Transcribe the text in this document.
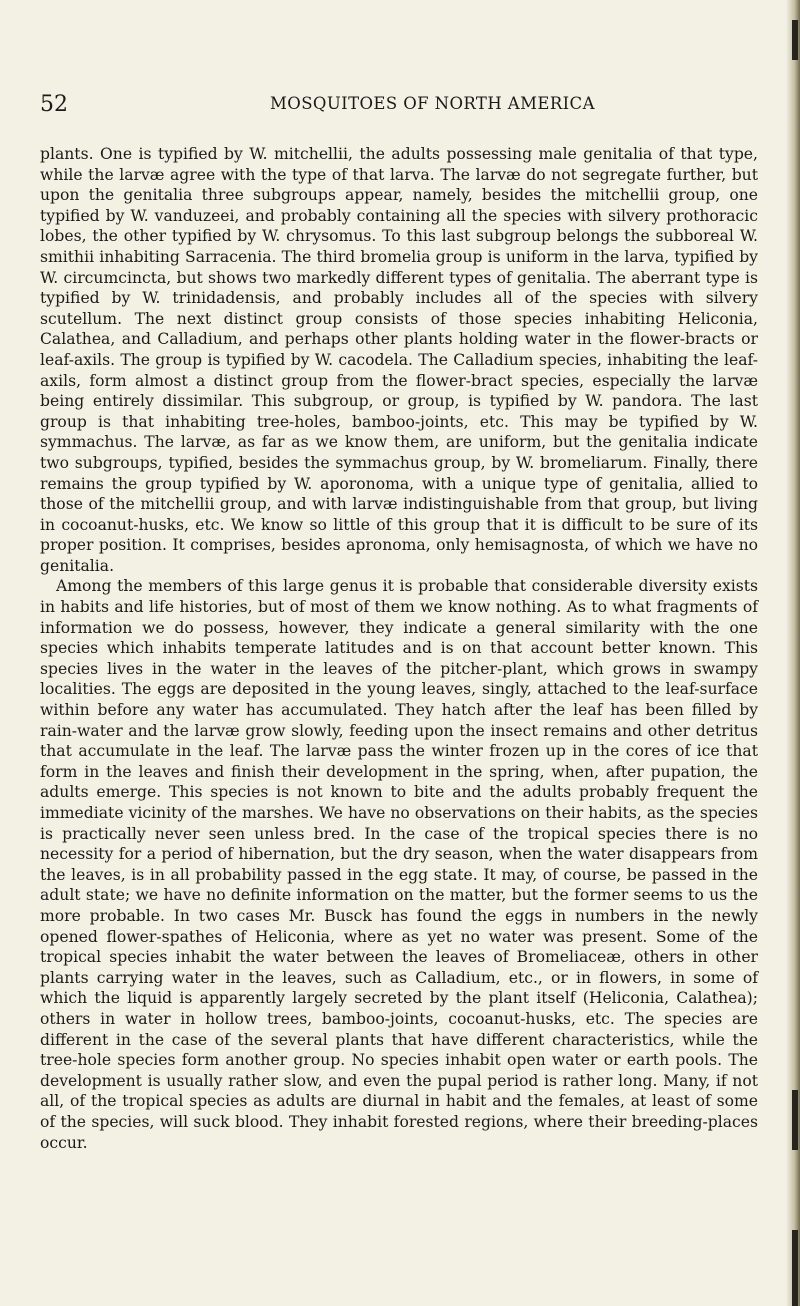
52	MOSQUITOES OF NORTH AMERICA

plants. One is typified by W. mitchellii, the adults possessing male genitalia of that type, while the larvæ agree with the type of that larva. The larvæ do not segregate further, but upon the genitalia three subgroups appear, namely, besides the mitchellii group, one typified by W. vanduzeei, and probably containing all the species with silvery prothoracic lobes, the other typified by W. chrysomus. To this last subgroup belongs the subboreal W. smithii inhabiting Sarracenia. The third bromelia group is uniform in the larva, typified by W. circumcincta, but shows two markedly different types of genitalia. The aberrant type is typified by W. trinidadensis, and probably includes all of the species with silvery scutellum. The next distinct group consists of those species inhabiting Heliconia, Calathea, and Calladium, and perhaps other plants holding water in the flower-bracts or leaf-axils. The group is typified by W. cacodela. The Calladium species, inhabiting the leaf-axils, form almost a distinct group from the flower-bract species, especially the larvæ being entirely dissimilar. This subgroup, or group, is typified by W. pandora. The last group is that inhabiting tree-holes, bamboo-joints, etc. This may be typified by W. symmachus. The larvæ, as far as we know them, are uniform, but the genitalia indicate two subgroups, typified, besides the symmachus group, by W. bromeliarum. Finally, there remains the group typified by W. aporonoma, with a unique type of genitalia, allied to those of the mitchellii group, and with larvæ indistinguishable from that group, but living in cocoanut-husks, etc. We know so little of this group that it is difficult to be sure of its proper position. It comprises, besides apronoma, only hemisagnosta, of which we have no genitalia.

Among the members of this large genus it is probable that considerable diversity exists in habits and life histories, but of most of them we know nothing. As to what fragments of information we do possess, however, they indicate a general similarity with the one species which inhabits temperate latitudes and is on that account better known. This species lives in the water in the leaves of the pitcher-plant, which grows in swampy localities. The eggs are deposited in the young leaves, singly, attached to the leaf-surface within before any water has accumulated. They hatch after the leaf has been filled by rain-water and the larvæ grow slowly, feeding upon the insect remains and other detritus that accumulate in the leaf. The larvæ pass the winter frozen up in the cores of ice that form in the leaves and finish their development in the spring, when, after pupation, the adults emerge. This species is not known to bite and the adults probably frequent the immediate vicinity of the marshes. We have no observations on their habits, as the species is practically never seen unless bred. In the case of the tropical species there is no necessity for a period of hibernation, but the dry season, when the water disappears from the leaves, is in all probability passed in the egg state. It may, of course, be passed in the adult state; we have no definite information on the matter, but the former seems to us the more probable. In two cases Mr. Busck has found the eggs in numbers in the newly opened flower-spathes of Heliconia, where as yet no water was present. Some of the tropical species inhabit the water between the leaves of Bromeliaceæ, others in other plants carrying water in the leaves, such as Calladium, etc., or in flowers, in some of which the liquid is apparently largely secreted by the plant itself (Heliconia, Calathea); others in water in hollow trees, bamboo-joints, cocoanut-husks, etc. The species are different in the case of the several plants that have different characteristics, while the tree-hole species form another group. No species inhabit open water or earth pools. The development is usually rather slow, and even the pupal period is rather long. Many, if not all, of the tropical species as adults are diurnal in habit and the females, at least of some of the species, will suck blood. They inhabit forested regions, where their breeding-places occur.
